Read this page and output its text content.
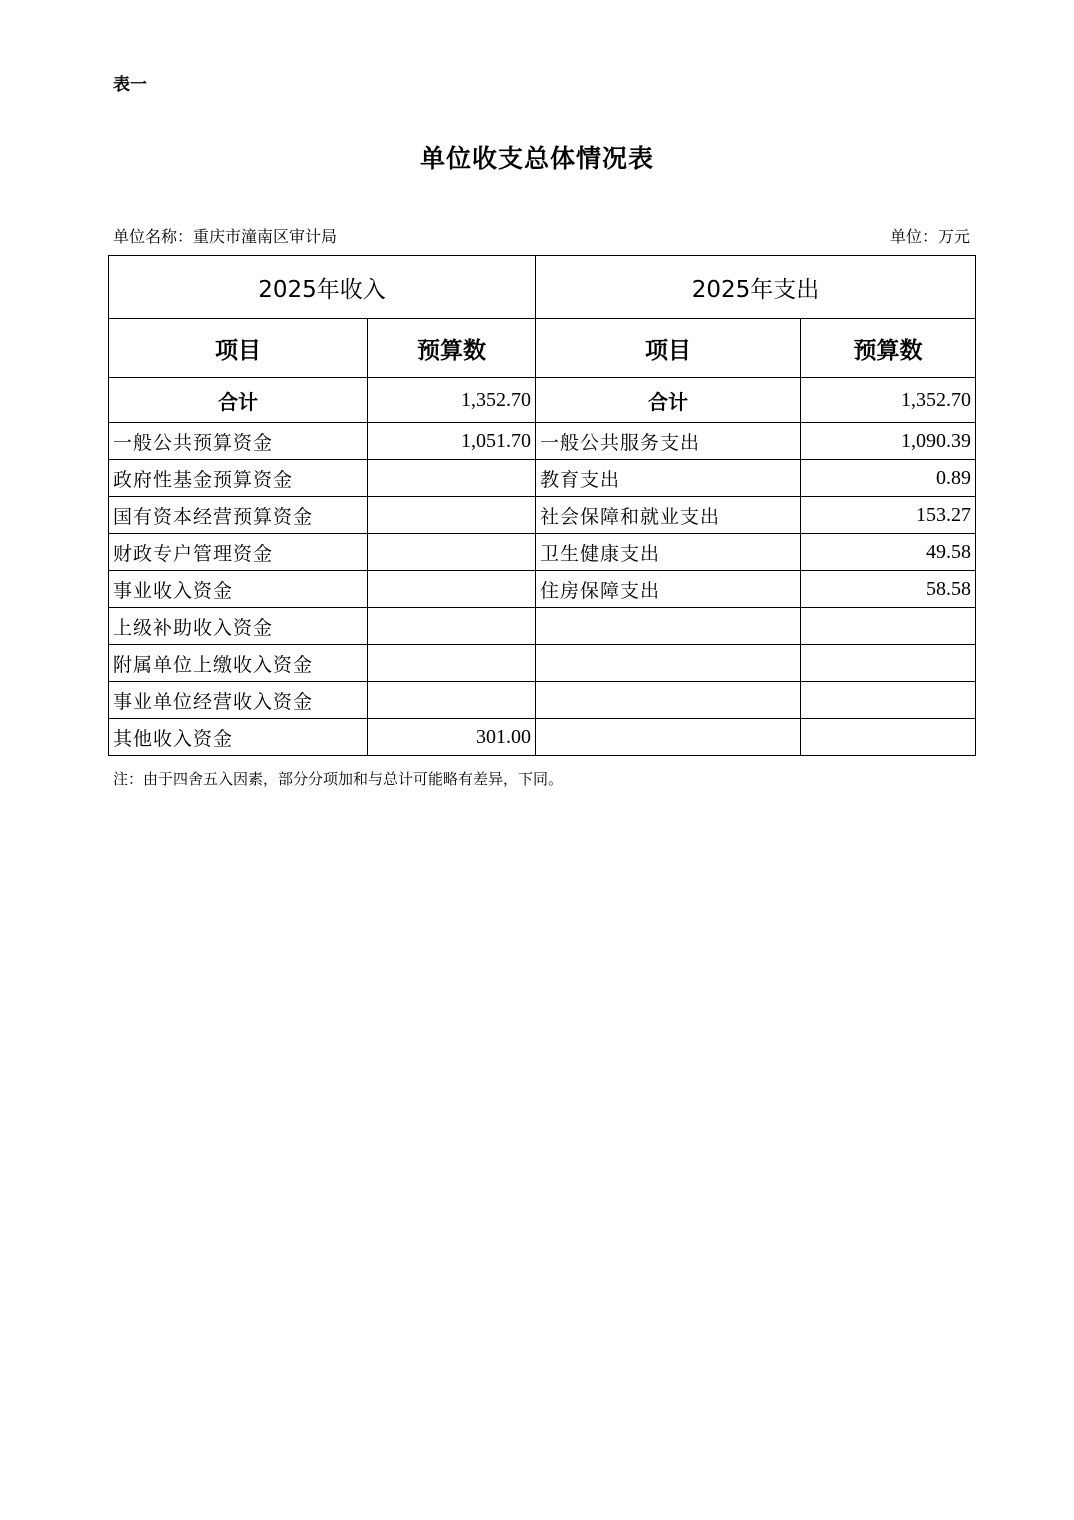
表一
单位收支总体情况表
单位名称：重庆市潼南区审计局	单位：万元
2025年收入		2025年支出	
项目	预算数	项目	预算数
合计	1,352.70	合计	1,352.70
一般公共预算资金	1,051.70	一般公共服务支出	1,090.39
政府性基金预算资金		教育支出	0.89
国有资本经营预算资金		社会保障和就业支出	153.27
财政专户管理资金		卫生健康支出	49.58
事业收入资金		住房保障支出	58.58
上级补助收入资金			
附属单位上缴收入资金			
事业单位经营收入资金			
其他收入资金	301.00		
注：由于四舍五入因素，部分分项加和与总计可能略有差异，下同。
